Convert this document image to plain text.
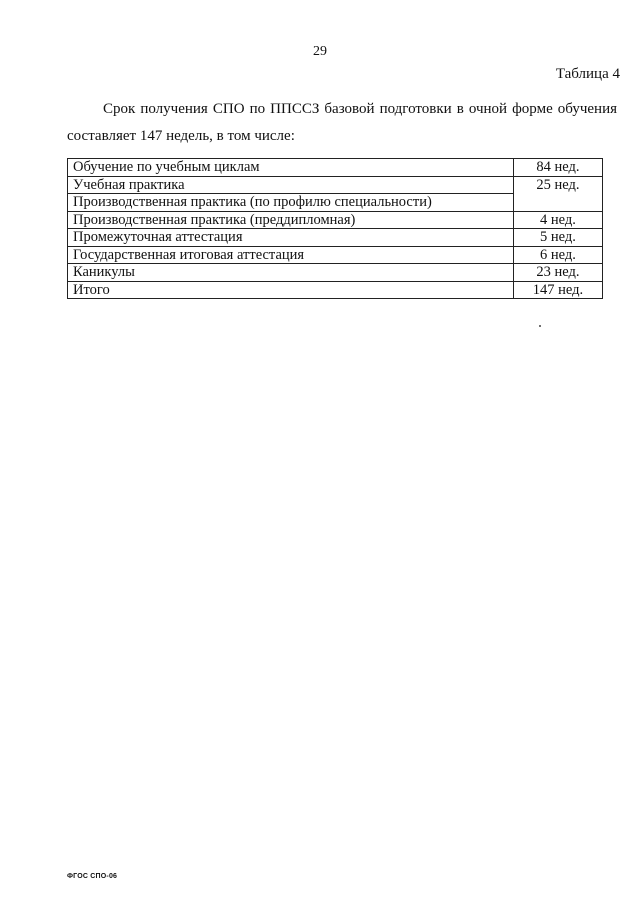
29
Таблица 4

Срок получения СПО по ППССЗ базовой подготовки в очной форме обучения составляет 147 недель, в том числе:

Обучение по учебным циклам	84 нед.
Учебная практика	25 нед.
Производственная практика (по профилю специальности)	
Производственная практика (преддипломная)	4 нед.
Промежуточная аттестация	5 нед.
Государственная итоговая аттестация	6 нед.
Каникулы	23 нед.
Итого	147 нед.
ФГОС СПО-06
